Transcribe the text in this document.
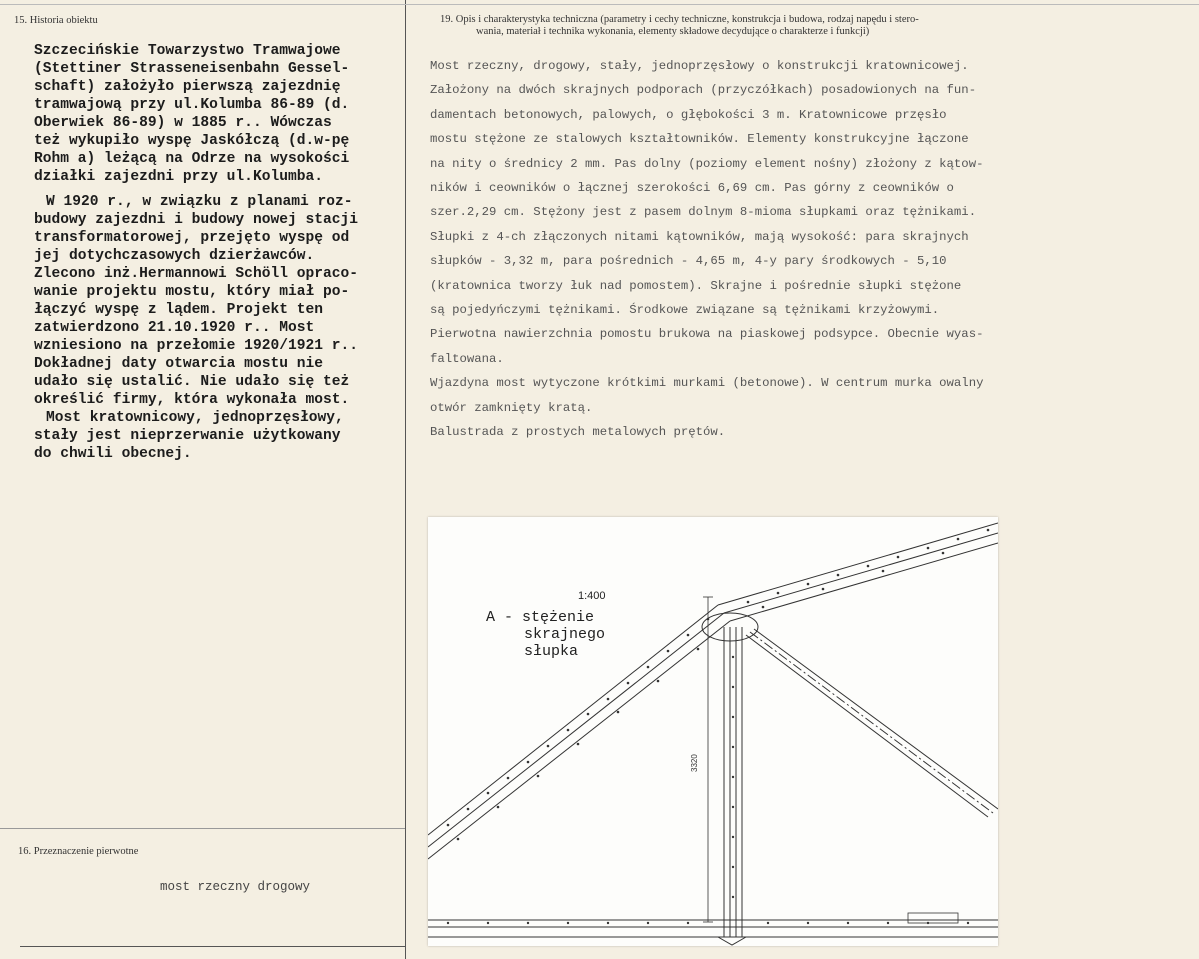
15. Historia obiektu

Szczecińskie Towarzystwo Tramwajowe
(Stettiner Strasseneisenbahn Gessel-
schaft) założyło pierwszą zajezdnię
tramwajową przy ul.Kolumba 86-89 (d.
Oberwiek 86-89) w 1885 r.. Wówczas
też wykupiło wyspę Jaskółczą (d.w-pę
Rohm a) leżącą na Odrze na wysokości
działki zajezdni przy ul.Kolumba.

W 1920 r., w związku z planami roz-
budowy zajezdni i budowy nowej stacji
transformatorowej, przejęto wyspę od
jej dotychczasowych dzierżawców.
Zlecono inż.Hermannowi Schöll opraco-
wanie projektu mostu, który miał po-
łączyć wyspę z lądem. Projekt ten
zatwierdzono 21.10.1920 r.. Most
wzniesiono na przełomie 1920/1921 r..
Dokładnej daty otwarcia mostu nie
udało się ustalić. Nie udało się też
określić firmy, która wykonała most.
Most kratownicowy, jednoprzęsłowy,
stały jest nieprzerwanie użytkowany
do chwili obecnej.

16. Przeznaczenie pierwotne
most rzeczny drogowy
19. Opis i charakterystyka techniczna (parametry i cechy techniczne, konstrukcja i budowa, rodzaj napędu i stero-
wania, materiał i technika wykonania, elementy składowe decydujące o charakterze i funkcji)
Most rzeczny, drogowy, stały, jednoprzęsłowy o konstrukcji kratownicowej.
Założony na dwóch skrajnych podporach (przyczółkach) posadowionych na fun-
damentach betonowych, palowych, o głębokości 3 m. Kratownicowe przęsło
mostu stężone ze stalowych kształtowników. Elementy konstrukcyjne łączone
na nity o średnicy 2 mm. Pas dolny (poziomy element nośny) złożony z kątow-
ników i ceowników o łącznej szerokości 6,69 cm. Pas górny z ceowników o
szer.2,29 cm. Stężony jest z pasem dolnym 8-mioma słupkami oraz tężnikami.
Słupki z 4-ch złączonych nitami kątowników, mają wysokość: para skrajnych
słupków - 3,32 m, para pośrednich - 4,65 m, 4-y pary środkowych - 5,10
(kratownica tworzy łuk nad pomostem). Skrajne i pośrednie słupki stężone
są pojedyńczymi tężnikami. Środkowe związane są tężnikami krzyżowymi.
Pierwotna nawierzchnia pomostu brukowa na piaskowej podsypce. Obecnie wyas-
faltowana.
Wjazdyna most wytyczone krótkimi murkami (betonowe). W centrum murka owalny
otwór zamknięty kratą.
Balustrada z prostych metalowych prętów.
1:400
A - stężenie
skrajnego
słupka
3320
